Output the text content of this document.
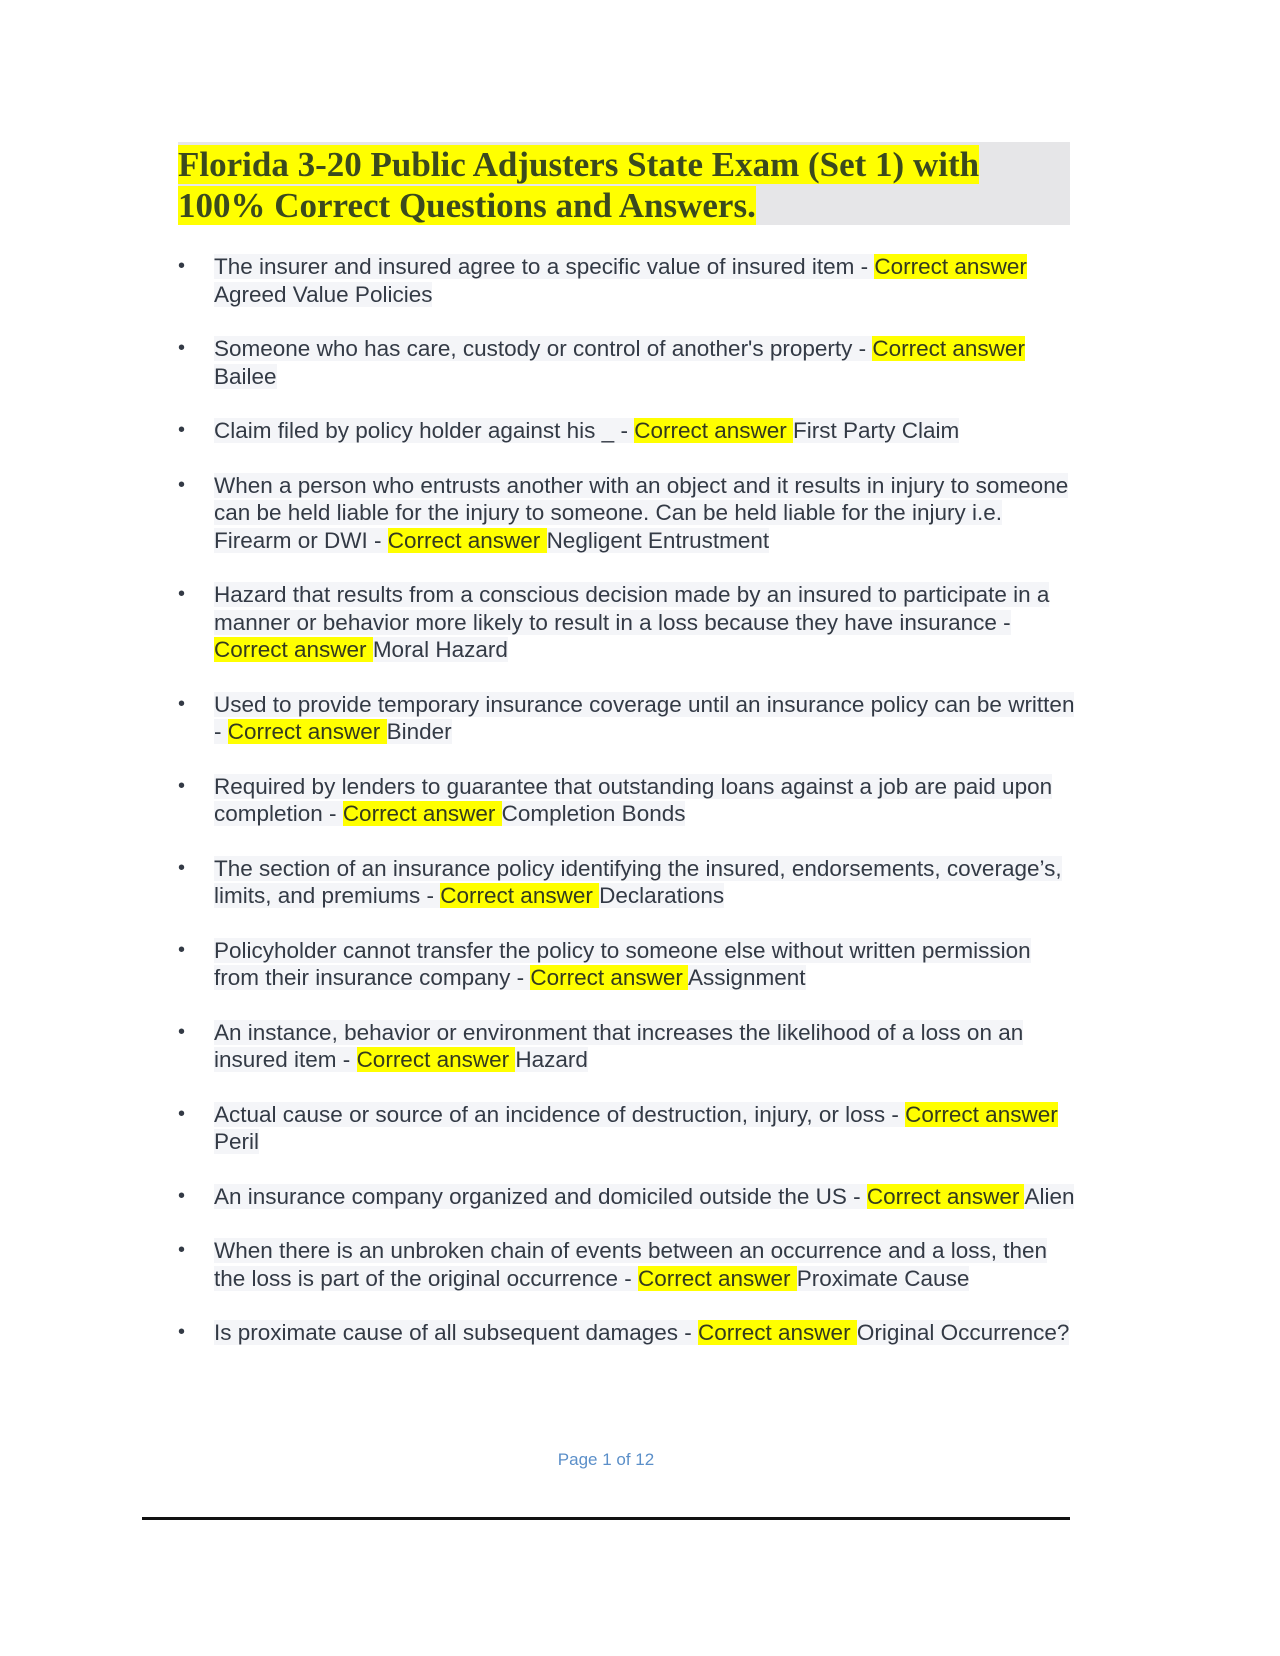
Florida 3-20 Public Adjusters State Exam (Set 1) with 100% Correct Questions and Answers.
• The insurer and insured agree to a specific value of insured item - Correct answer Agreed Value Policies
• Someone who has care, custody or control of another's property - Correct answer Bailee
• Claim filed by policy holder against his _ - Correct answer First Party Claim
• When a person who entrusts another with an object and it results in injury to someone can be held liable for the injury to someone. Can be held liable for the injury i.e. Firearm or DWI - Correct answer Negligent Entrustment
• Hazard that results from a conscious decision made by an insured to participate in a manner or behavior more likely to result in a loss because they have insurance - Correct answer Moral Hazard
• Used to provide temporary insurance coverage until an insurance policy can be written - Correct answer Binder
• Required by lenders to guarantee that outstanding loans against a job are paid upon completion - Correct answer Completion Bonds
• The section of an insurance policy identifying the insured, endorsements, coverage’s, limits, and premiums - Correct answer Declarations
• Policyholder cannot transfer the policy to someone else without written permission from their insurance company - Correct answer Assignment
• An instance, behavior or environment that increases the likelihood of a loss on an insured item - Correct answer Hazard
• Actual cause or source of an incidence of destruction, injury, or loss - Correct answer Peril
• An insurance company organized and domiciled outside the US - Correct answer Alien
• When there is an unbroken chain of events between an occurrence and a loss, then the loss is part of the original occurrence - Correct answer Proximate Cause
• Is proximate cause of all subsequent damages - Correct answer Original Occurrence?
Page 1 of 12
